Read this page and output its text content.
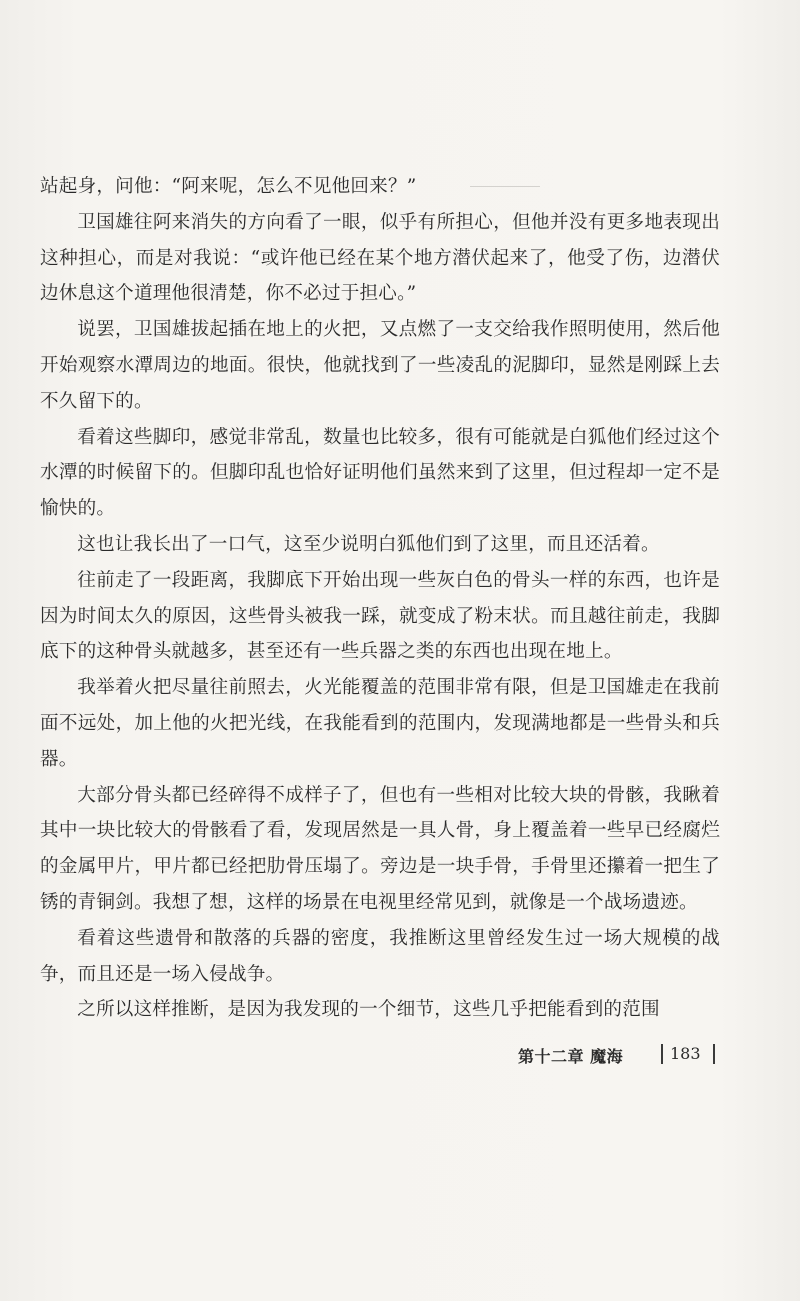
站起身，问他：“阿来呢，怎么不见他回来？”

卫国雄往阿来消失的方向看了一眼，似乎有所担心，但他并没有更多地表现出这种担心，而是对我说：“或许他已经在某个地方潜伏起来了，他受了伤，边潜伏边休息这个道理他很清楚，你不必过于担心。”

说罢，卫国雄拔起插在地上的火把，又点燃了一支交给我作照明使用，然后他开始观察水潭周边的地面。很快，他就找到了一些凌乱的泥脚印，显然是刚踩上去不久留下的。

看着这些脚印，感觉非常乱，数量也比较多，很有可能就是白狐他们经过这个水潭的时候留下的。但脚印乱也恰好证明他们虽然来到了这里，但过程却一定不是愉快的。

这也让我长出了一口气，这至少说明白狐他们到了这里，而且还活着。

往前走了一段距离，我脚底下开始出现一些灰白色的骨头一样的东西，也许是因为时间太久的原因，这些骨头被我一踩，就变成了粉末状。而且越往前走，我脚底下的这种骨头就越多，甚至还有一些兵器之类的东西也出现在地上。

我举着火把尽量往前照去，火光能覆盖的范围非常有限，但是卫国雄走在我前面不远处，加上他的火把光线，在我能看到的范围内，发现满地都是一些骨头和兵器。

大部分骨头都已经碎得不成样子了，但也有一些相对比较大块的骨骸，我瞅着其中一块比较大的骨骸看了看，发现居然是一具人骨，身上覆盖着一些早已经腐烂的金属甲片，甲片都已经把肋骨压塌了。旁边是一块手骨，手骨里还攥着一把生了锈的青铜剑。我想了想，这样的场景在电视里经常见到，就像是一个战场遗迹。

看着这些遗骨和散落的兵器的密度，我推断这里曾经发生过一场大规模的战争，而且还是一场入侵战争。

之所以这样推断，是因为我发现的一个细节，这些几乎把能看到的范围

第十二章 魔海	183
